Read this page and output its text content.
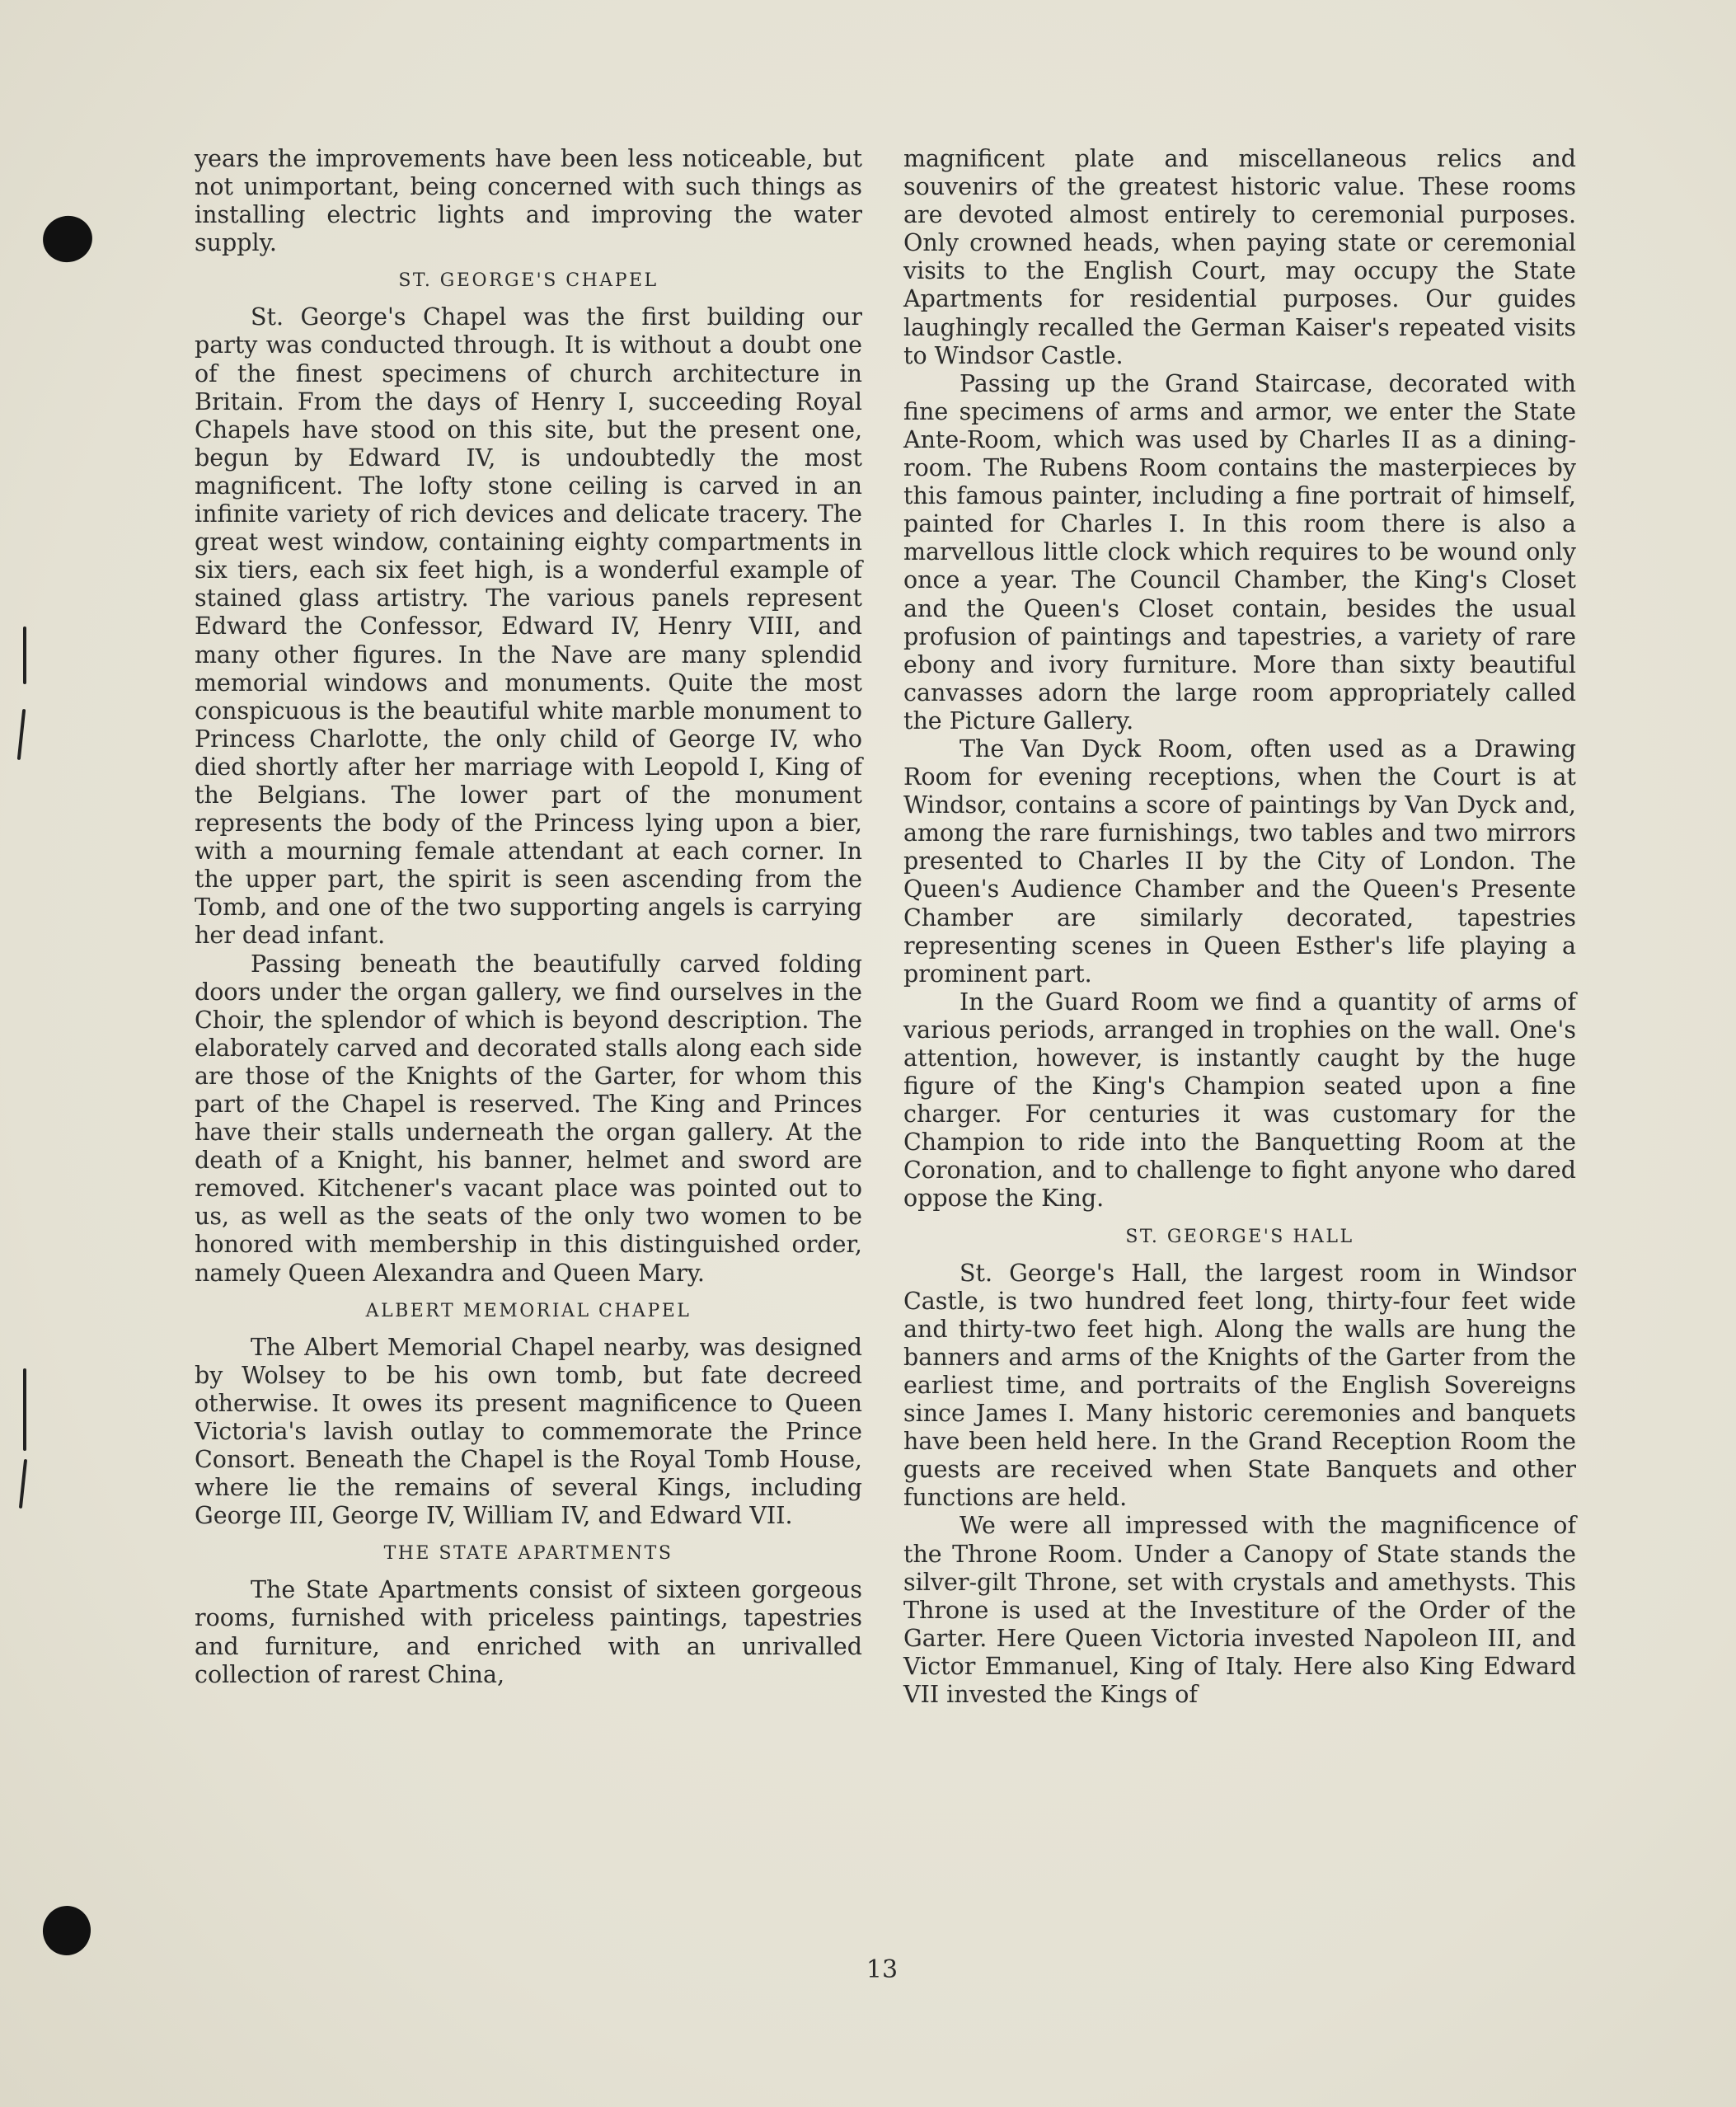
years the improvements have been less noticeable, but not unimportant, being concerned with such things as installing electric lights and improving the water supply.

ST. GEORGE'S CHAPEL

St. George's Chapel was the first building our party was conducted through. It is without a doubt one of the finest specimens of church architecture in Britain. From the days of Henry I, succeeding Royal Chapels have stood on this site, but the present one, begun by Edward IV, is undoubtedly the most magnificent. The lofty stone ceiling is carved in an infinite variety of rich devices and delicate tracery. The great west window, containing eighty compartments in six tiers, each six feet high, is a wonderful example of stained glass artistry. The various panels represent Edward the Confessor, Edward IV, Henry VIII, and many other figures. In the Nave are many splendid memorial windows and monuments. Quite the most conspicuous is the beautiful white marble monument to Princess Charlotte, the only child of George IV, who died shortly after her marriage with Leopold I, King of the Belgians. The lower part of the monument represents the body of the Princess lying upon a bier, with a mourning female attendant at each corner. In the upper part, the spirit is seen ascending from the Tomb, and one of the two supporting angels is carrying her dead infant.

Passing beneath the beautifully carved folding doors under the organ gallery, we find ourselves in the Choir, the splendor of which is beyond description. The elaborately carved and decorated stalls along each side are those of the Knights of the Garter, for whom this part of the Chapel is reserved. The King and Princes have their stalls underneath the organ gallery. At the death of a Knight, his banner, helmet and sword are removed. Kitchener's vacant place was pointed out to us, as well as the seats of the only two women to be honored with membership in this distinguished order, namely Queen Alexandra and Queen Mary.

ALBERT MEMORIAL CHAPEL

The Albert Memorial Chapel nearby, was designed by Wolsey to be his own tomb, but fate decreed otherwise. It owes its present magnificence to Queen Victoria's lavish outlay to commemorate the Prince Consort. Beneath the Chapel is the Royal Tomb House, where lie the remains of several Kings, including George III, George IV, William IV, and Edward VII.

THE STATE APARTMENTS

The State Apartments consist of sixteen gorgeous rooms, furnished with priceless paintings, tapestries and furniture, and enriched with an unrivalled collection of rarest China,

magnificent plate and miscellaneous relics and souvenirs of the greatest historic value. These rooms are devoted almost entirely to ceremonial purposes. Only crowned heads, when paying state or ceremonial visits to the English Court, may occupy the State Apartments for residential purposes. Our guides laughingly recalled the German Kaiser's repeated visits to Windsor Castle.

Passing up the Grand Staircase, decorated with fine specimens of arms and armor, we enter the State Ante-Room, which was used by Charles II as a dining-room. The Rubens Room contains the masterpieces by this famous painter, including a fine portrait of himself, painted for Charles I. In this room there is also a marvellous little clock which requires to be wound only once a year. The Council Chamber, the King's Closet and the Queen's Closet contain, besides the usual profusion of paintings and tapestries, a variety of rare ebony and ivory furniture. More than sixty beautiful canvasses adorn the large room appropriately called the Picture Gallery.

The Van Dyck Room, often used as a Drawing Room for evening receptions, when the Court is at Windsor, contains a score of paintings by Van Dyck and, among the rare furnishings, two tables and two mirrors presented to Charles II by the City of London. The Queen's Audience Chamber and the Queen's Presente Chamber are similarly decorated, tapestries representing scenes in Queen Esther's life playing a prominent part.

In the Guard Room we find a quantity of arms of various periods, arranged in trophies on the wall. One's attention, however, is instantly caught by the huge figure of the King's Champion seated upon a fine charger. For centuries it was customary for the Champion to ride into the Banquetting Room at the Coronation, and to challenge to fight anyone who dared oppose the King.

ST. GEORGE'S HALL

St. George's Hall, the largest room in Windsor Castle, is two hundred feet long, thirty-four feet wide and thirty-two feet high. Along the walls are hung the banners and arms of the Knights of the Garter from the earliest time, and portraits of the English Sovereigns since James I. Many historic ceremonies and banquets have been held here. In the Grand Reception Room the guests are received when State Banquets and other functions are held.

We were all impressed with the magnificence of the Throne Room. Under a Canopy of State stands the silver-gilt Throne, set with crystals and amethysts. This Throne is used at the Investiture of the Order of the Garter. Here Queen Victoria invested Napoleon III, and Victor Emmanuel, King of Italy. Here also King Edward VII invested the Kings of

13
